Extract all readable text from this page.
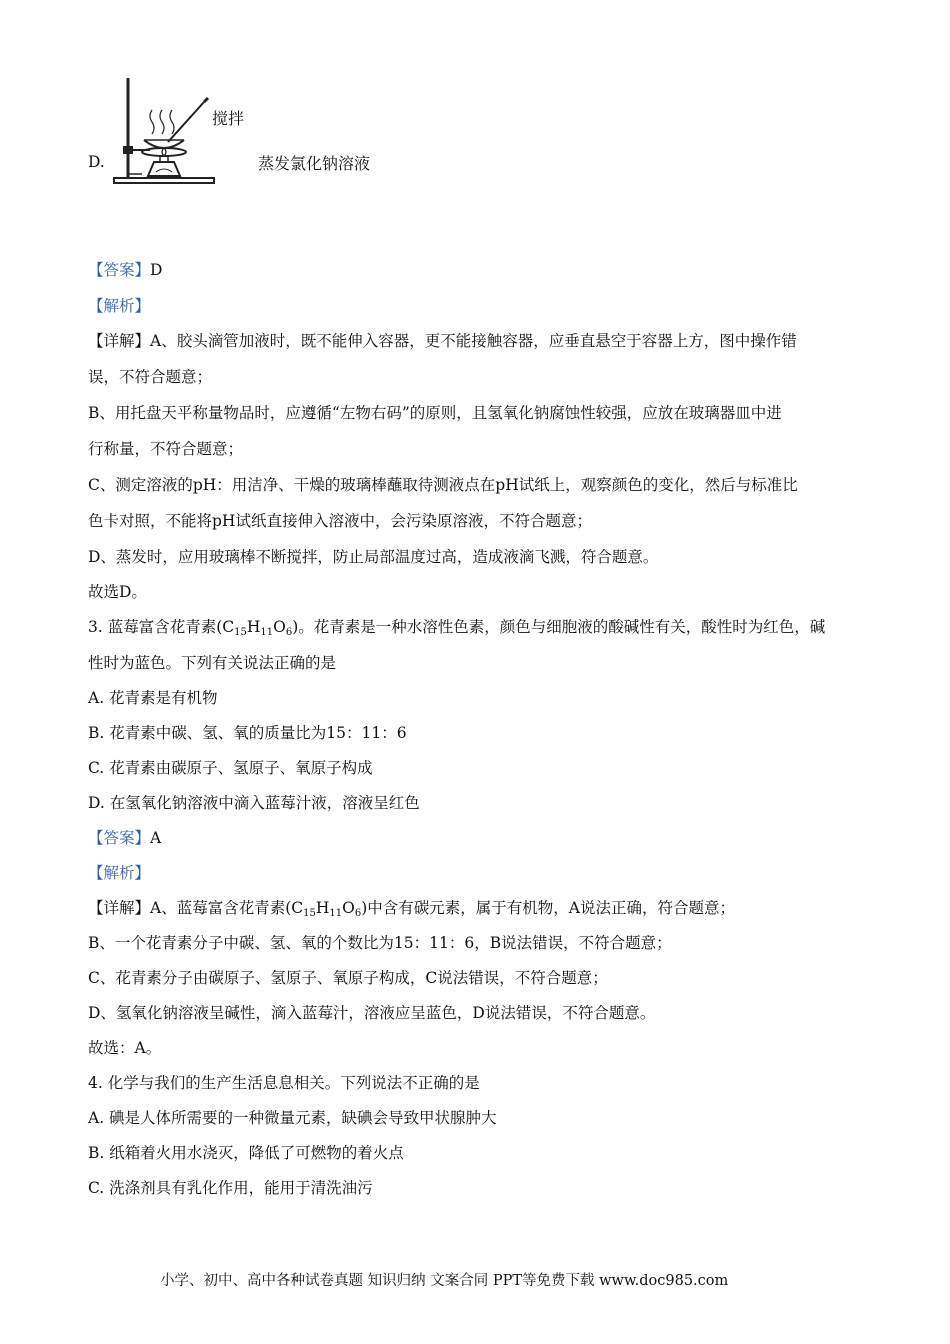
D.
搅拌
蒸发氯化钠溶液
【答案】D
【解析】
【详解】A、胶头滴管加液时，既不能伸入容器，更不能接触容器，应垂直悬空于容器上方，图中操作错
误，不符合题意；
B、用托盘天平称量物品时，应遵循“左物右码”的原则，且氢氧化钠腐蚀性较强，应放在玻璃器皿中进
行称量，不符合题意；
C、测定溶液的pH：用洁净、干燥的玻璃棒蘸取待测液点在pH试纸上，观察颜色的变化，然后与标准比
色卡对照，不能将pH试纸直接伸入溶液中，会污染原溶液，不符合题意；
D、蒸发时，应用玻璃棒不断搅拌，防止局部温度过高，造成液滴飞溅，符合题意。
故选D。
3. 蓝莓富含花青素$(C_{15}H_{11}O_6)$。花青素是一种水溶性色素，颜色与细胞液的酸碱性有关，酸性时为红色，碱
性时为蓝色。下列有关说法正确的是
A. 花青素是有机物
B. 花青素中碳、氢、氧的质量比为15：11：6
C. 花青素由碳原子、氢原子、氧原子构成
D. 在氢氧化钠溶液中滴入蓝莓汁液，溶液呈红色
【答案】A
【解析】
【详解】A、蓝莓富含花青素$(C_{15}H_{11}O_6)$中含有碳元素，属于有机物，A说法正确，符合题意；
B、一个花青素分子中碳、氢、氧的个数比为15：11：6，B说法错误，不符合题意；
C、花青素分子由碳原子、氢原子、氧原子构成，C说法错误，不符合题意；
D、氢氧化钠溶液呈碱性，滴入蓝莓汁，溶液应呈蓝色，D说法错误，不符合题意。
故选：A。
4. 化学与我们的生产生活息息相关。下列说法不正确的是
A. 碘是人体所需要的一种微量元素，缺碘会导致甲状腺肿大
B. 纸箱着火用水浇灭，降低了可燃物的着火点
C. 洗涤剂具有乳化作用，能用于清洗油污
小学、初中、高中各种试卷真题 知识归纳 文案合同 PPT等免费下载 www.doc985.com
